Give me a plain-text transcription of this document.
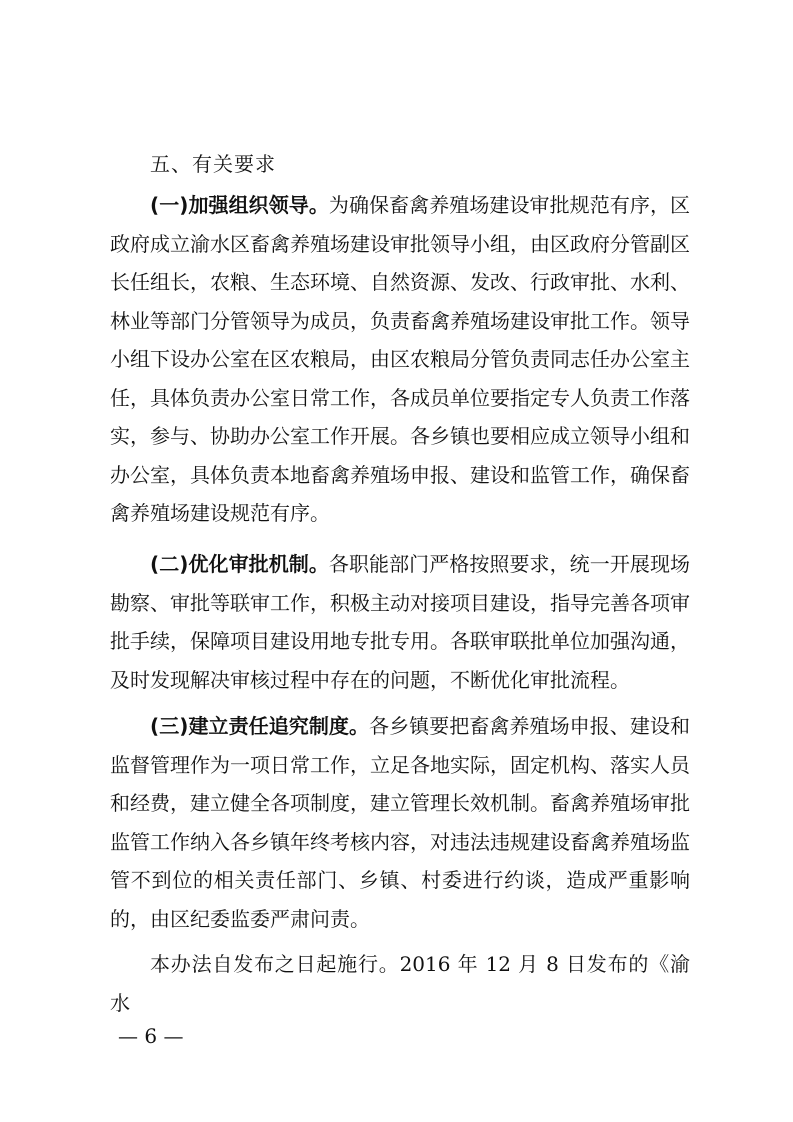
五、有关要求

(一)加强组织领导。为确保畜禽养殖场建设审批规范有序，区政府成立渝水区畜禽养殖场建设审批领导小组，由区政府分管副区长任组长，农粮、生态环境、自然资源、发改、行政审批、水利、林业等部门分管领导为成员，负责畜禽养殖场建设审批工作。领导小组下设办公室在区农粮局，由区农粮局分管负责同志任办公室主任，具体负责办公室日常工作，各成员单位要指定专人负责工作落实，参与、协助办公室工作开展。各乡镇也要相应成立领导小组和办公室，具体负责本地畜禽养殖场申报、建设和监管工作，确保畜禽养殖场建设规范有序。

(二)优化审批机制。各职能部门严格按照要求，统一开展现场勘察、审批等联审工作，积极主动对接项目建设，指导完善各项审批手续，保障项目建设用地专批专用。各联审联批单位加强沟通，及时发现解决审核过程中存在的问题，不断优化审批流程。

(三)建立责任追究制度。各乡镇要把畜禽养殖场申报、建设和监督管理作为一项日常工作，立足各地实际，固定机构、落实人员和经费，建立健全各项制度，建立管理长效机制。畜禽养殖场审批监管工作纳入各乡镇年终考核内容，对违法违规建设畜禽养殖场监管不到位的相关责任部门、乡镇、村委进行约谈，造成严重影响的，由区纪委监委严肃问责。

本办法自发布之日起施行。2016 年 12 月 8 日发布的《渝水

— 6 —
